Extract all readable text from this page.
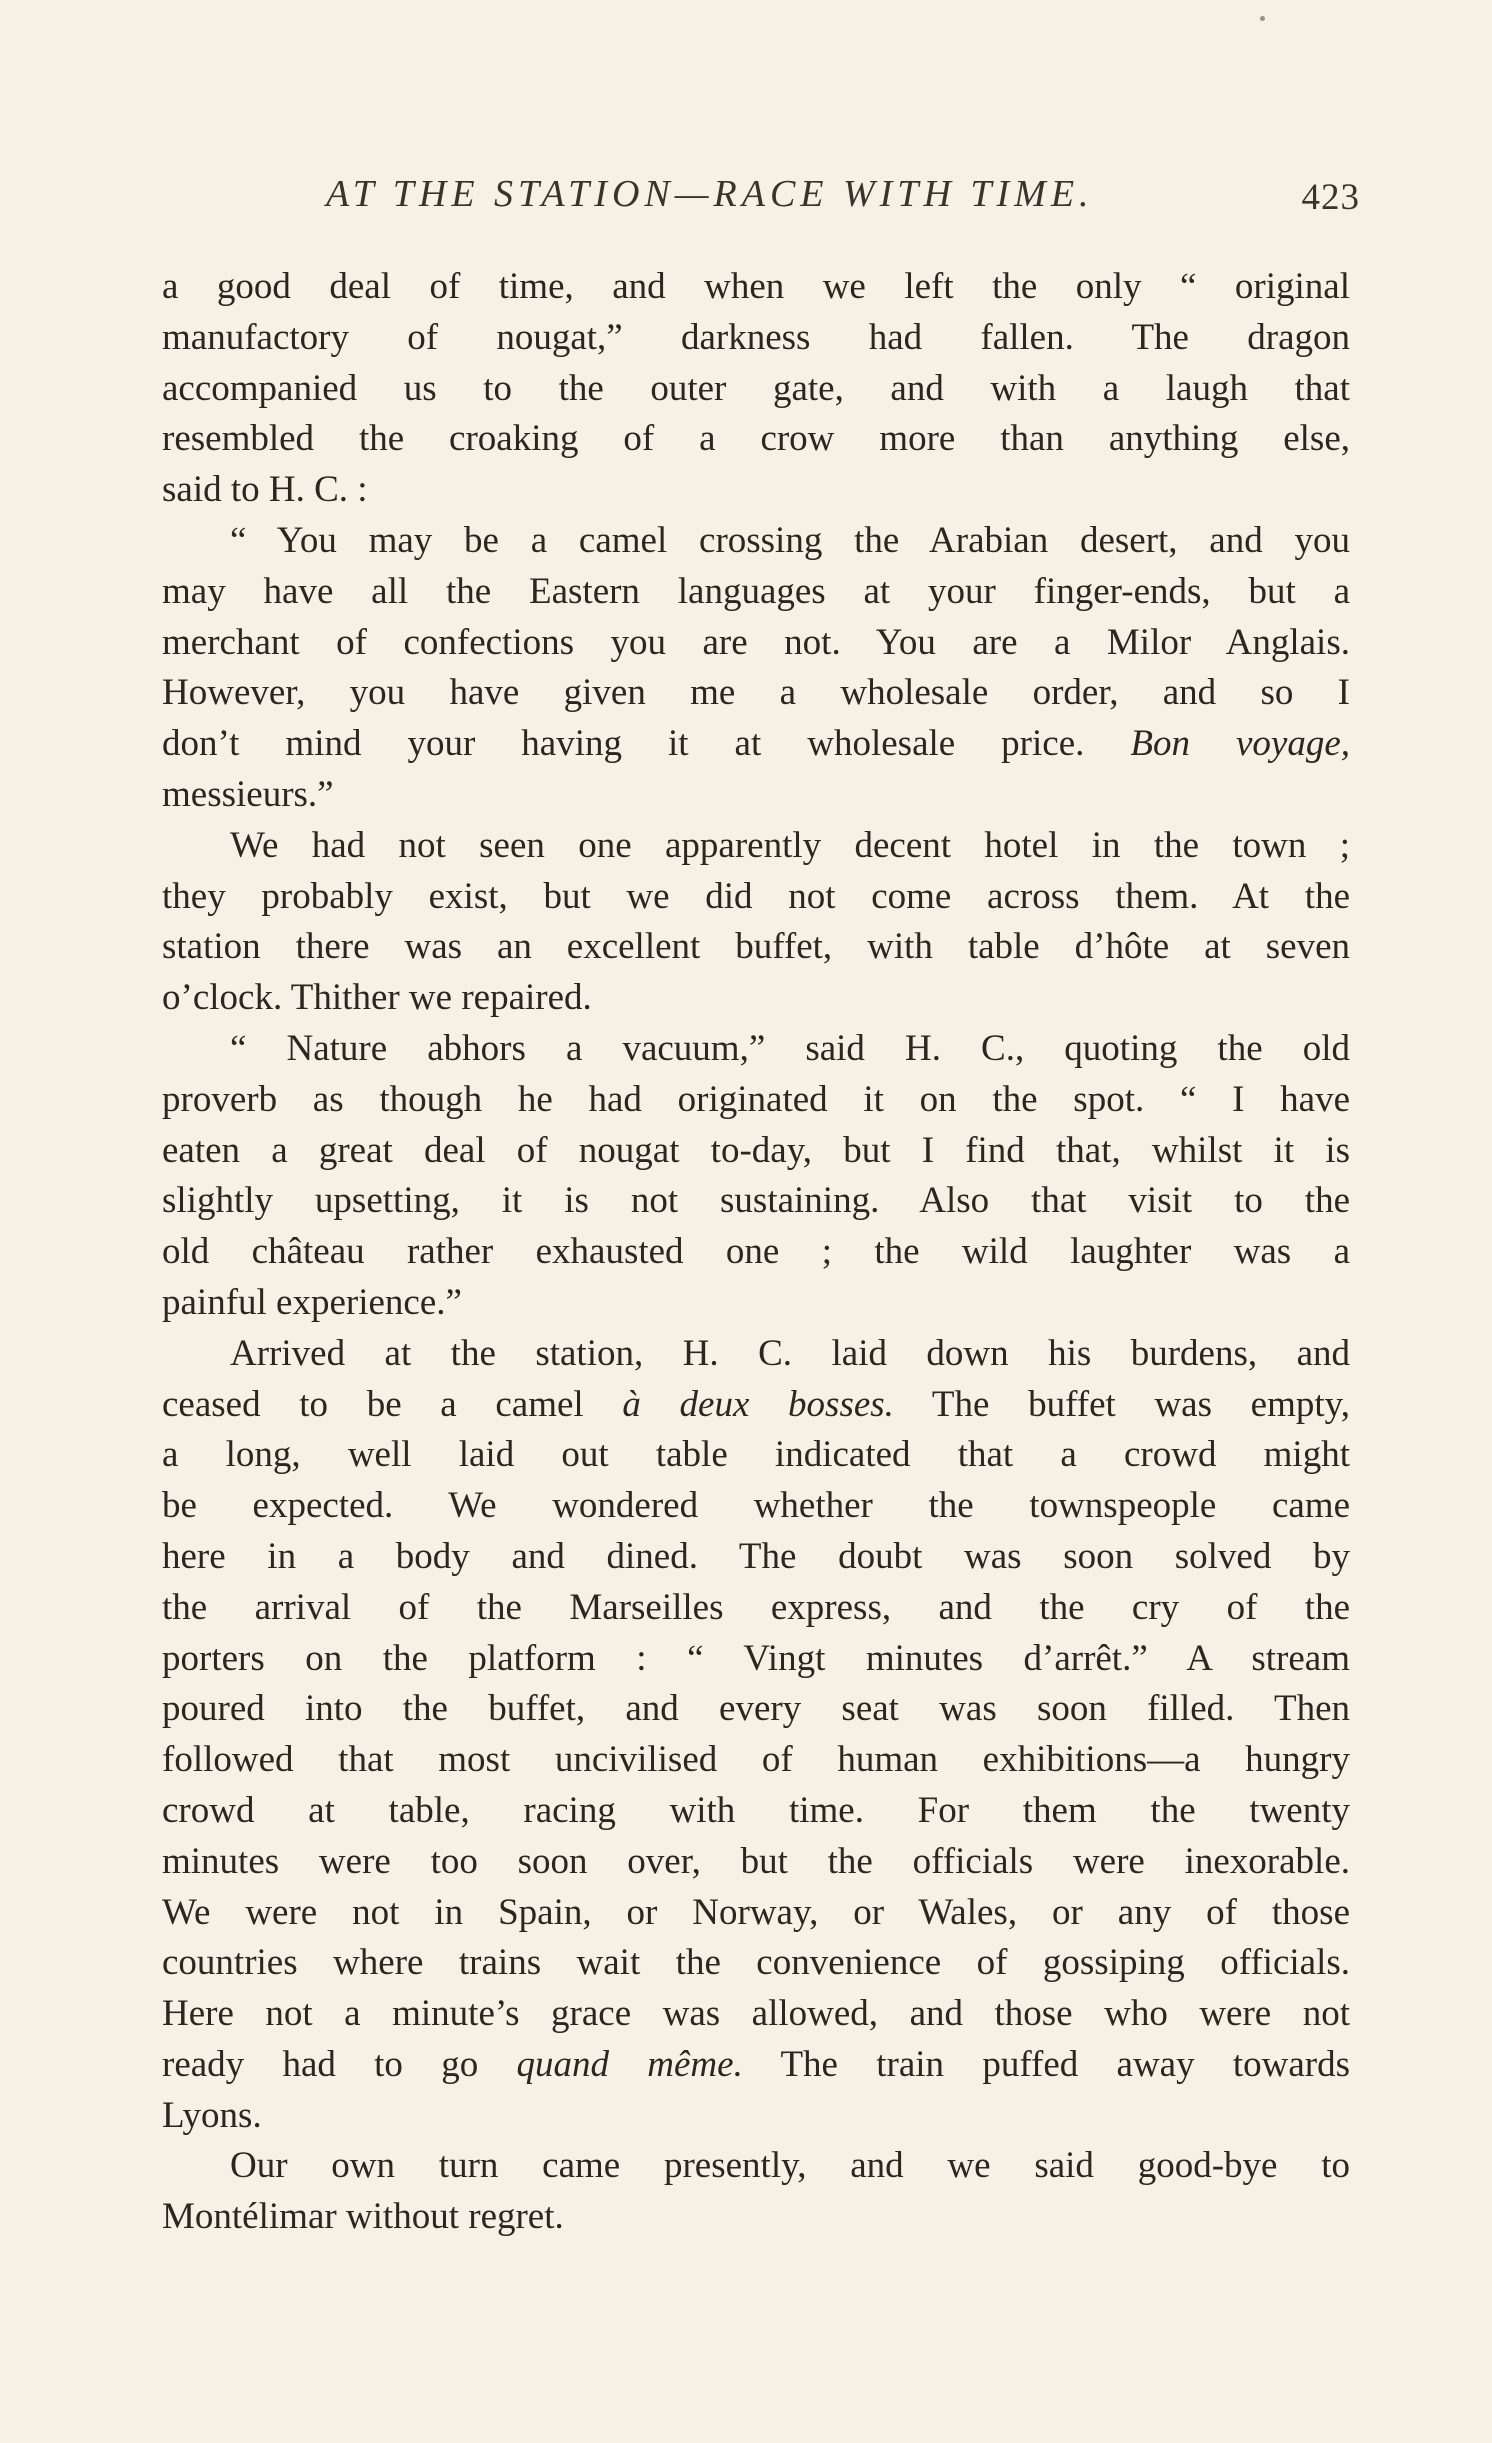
AT THE STATION—RACE WITH TIME.	423
a good deal of time, and when we left the only “ original
manufactory of nougat,” darkness had fallen. The dragon
accompanied us to the outer gate, and with a laugh that
resembled the croaking of a crow more than anything else,
said to H. C. :
“ You may be a camel crossing the Arabian desert, and you
may have all the Eastern languages at your finger-ends, but a
merchant of confections you are not. You are a Milor Anglais.
However, you have given me a wholesale order, and so I
don’t mind your having it at wholesale price. Bon voyage,
messieurs.”
We had not seen one apparently decent hotel in the town ;
they probably exist, but we did not come across them. At the
station there was an excellent buffet, with table d’hôte at seven
o’clock. Thither we repaired.
“ Nature abhors a vacuum,” said H. C., quoting the old
proverb as though he had originated it on the spot. “ I have
eaten a great deal of nougat to-day, but I find that, whilst it is
slightly upsetting, it is not sustaining. Also that visit to the
old château rather exhausted one ; the wild laughter was a
painful experience.”
Arrived at the station, H. C. laid down his burdens, and
ceased to be a camel à deux bosses. The buffet was empty,
a long, well laid out table indicated that a crowd might
be expected. We wondered whether the townspeople came
here in a body and dined. The doubt was soon solved by
the arrival of the Marseilles express, and the cry of the
porters on the platform : “ Vingt minutes d’arrêt.” A stream
poured into the buffet, and every seat was soon filled. Then
followed that most uncivilised of human exhibitions—a hungry
crowd at table, racing with time. For them the twenty
minutes were too soon over, but the officials were inexorable.
We were not in Spain, or Norway, or Wales, or any of those
countries where trains wait the convenience of gossiping officials.
Here not a minute’s grace was allowed, and those who were not
ready had to go quand même. The train puffed away towards
Lyons.
Our own turn came presently, and we said good-bye to
Montélimar without regret.
